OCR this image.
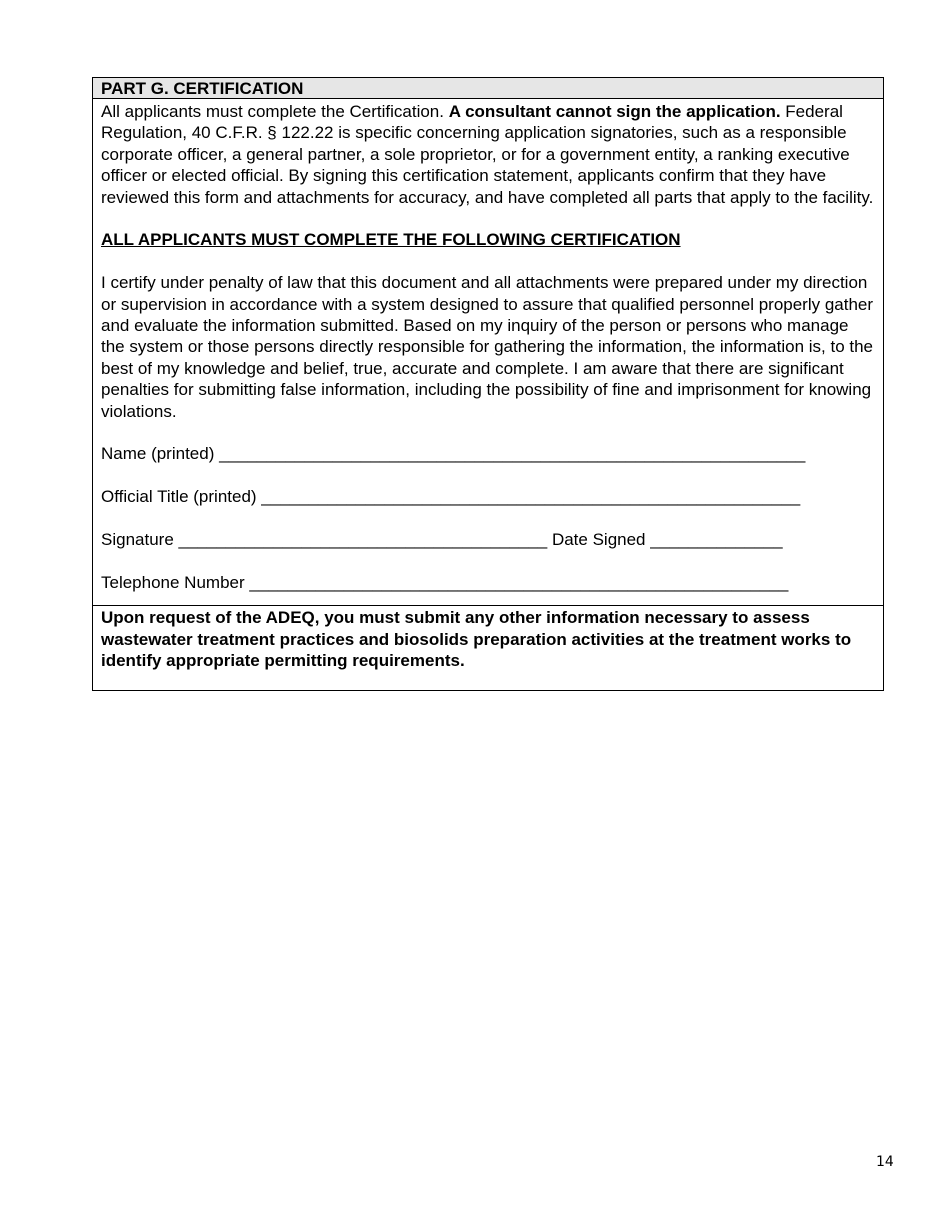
PART G. CERTIFICATION

All applicants must complete the Certification. A consultant cannot sign the application. Federal Regulation, 40 C.F.R. § 122.22 is specific concerning application signatories, such as a responsible corporate officer, a general partner, a sole proprietor, or for a government entity, a ranking executive officer or elected official. By signing this certification statement, applicants confirm that they have reviewed this form and attachments for accuracy, and have completed all parts that apply to the facility.

ALL APPLICANTS MUST COMPLETE THE FOLLOWING CERTIFICATION

I certify under penalty of law that this document and all attachments were prepared under my direction or supervision in accordance with a system designed to assure that qualified personnel properly gather and evaluate the information submitted. Based on my inquiry of the person or persons who manage the system or those persons directly responsible for gathering the information, the information is, to the best of my knowledge and belief, true, accurate and complete. I am aware that there are significant penalties for submitting false information, including the possibility of fine and imprisonment for knowing violations.

Name (printed) ______________________________________________________________

Official Title (printed) _________________________________________________________

Signature _______________________________________ Date Signed ______________

Telephone Number _________________________________________________________

Upon request of the ADEQ, you must submit any other information necessary to assess wastewater treatment practices and biosolids preparation activities at the treatment works to identify appropriate permitting requirements.
14
